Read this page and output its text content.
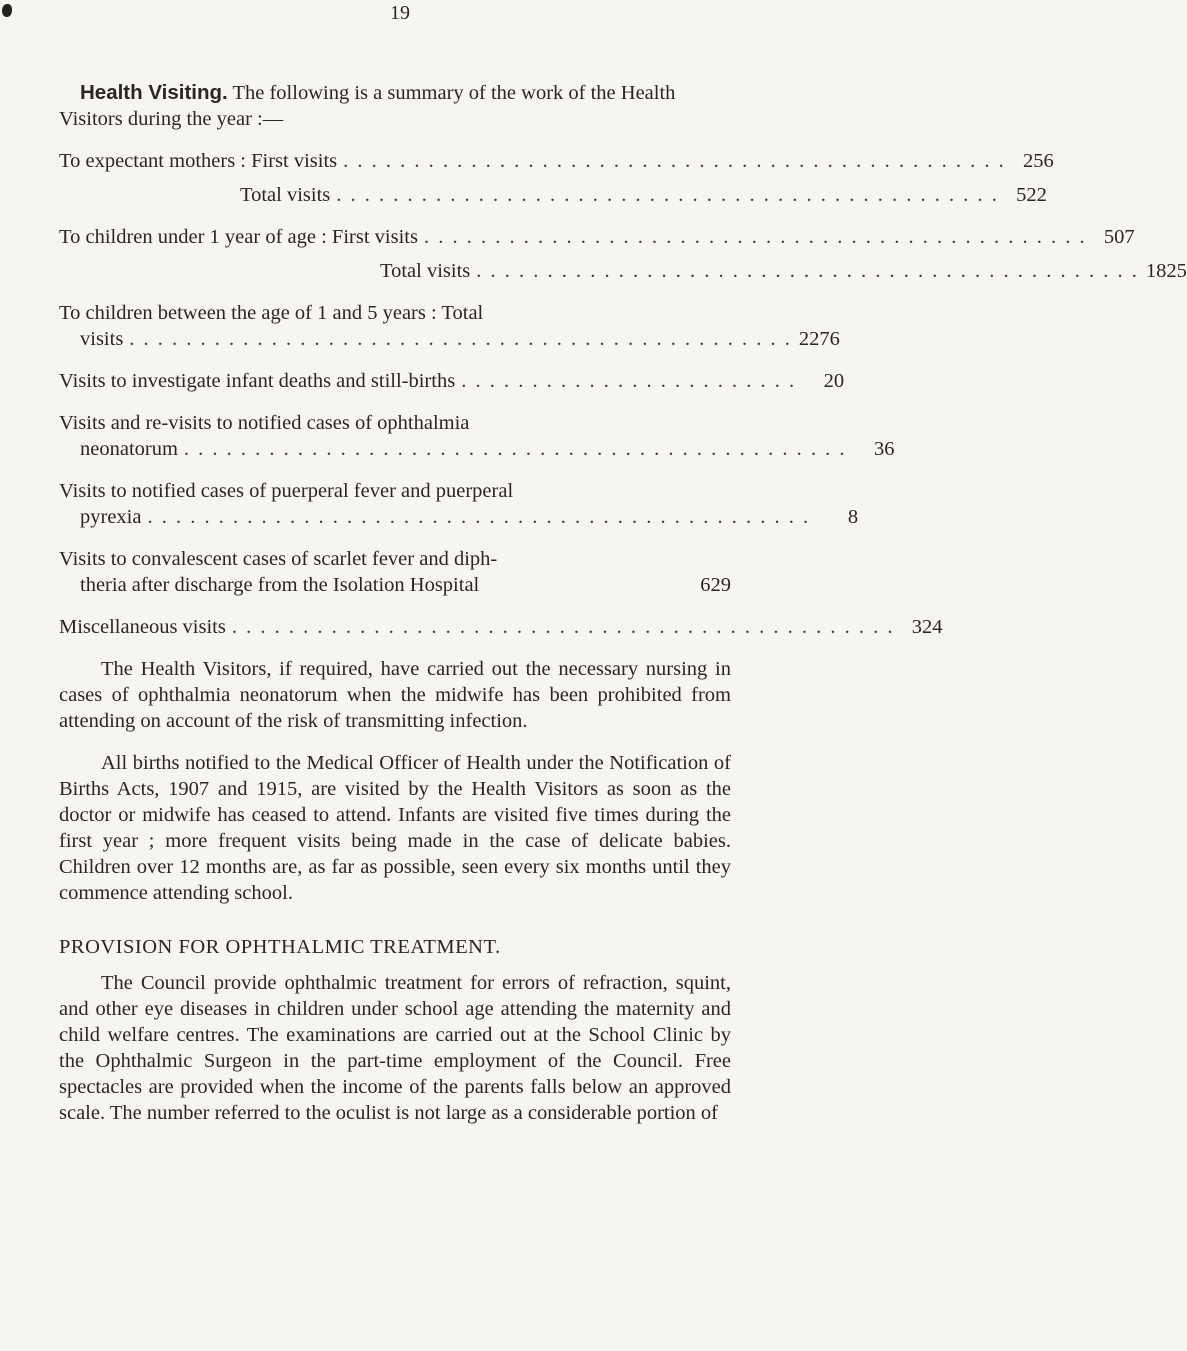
19

Health Visiting. The following is a summary of the work of the Health Visitors during the year :—

To expectant mothers : First visits . . . . . . . . . . . . . . . . . . . . . . . . . . . . . . . . . . . . . . . . . . . . . . . 256
Total visits . . . . . . . . . . . . . . . . . . . . . . . . . . . . . . . . . . . . . . . . . . . . . . . 522
To children under 1 year of age : First visits . . . . . . . . . . . . . . . . . . . . . . . . . . . . . . . . . . . . . . . . . . . . . . . 507
Total visits . . . . . . . . . . . . . . . . . . . . . . . . . . . . . . . . . . . . . . . . . . . . . . . 1825
To children between the age of 1 and 5 years : Total
visits . . . . . . . . . . . . . . . . . . . . . . . . . . . . . . . . . . . . . . . . . . . . . . . 2276
Visits to investigate infant deaths and still-births . . . . . . . . . . . . . . . . . . . . . . . .	20
Visits and re-visits to notified cases of ophthalmia
neonatorum . . . . . . . . . . . . . . . . . . . . . . . . . . . . . . . . . . . . . . . . . . . . . . .	36
Visits to notified cases of puerperal fever and puerperal
pyrexia . . . . . . . . . . . . . . . . . . . . . . . . . . . . . . . . . . . . . . . . . . . . . . .	8
Visits to convalescent cases of scarlet fever and diph-
theria after discharge from the Isolation Hospital	629
Miscellaneous visits . . . . . . . . . . . . . . . . . . . . . . . . . . . . . . . . . . . . . . . . . . . . . . . 324

The Health Visitors, if required, have carried out the necessary nursing in cases of ophthalmia neonatorum when the midwife has been prohibited from attending on account of the risk of transmitting infection.

All births notified to the Medical Officer of Health under the Notification of Births Acts, 1907 and 1915, are visited by the Health Visitors as soon as the doctor or midwife has ceased to attend. Infants are visited five times during the first year ; more frequent visits being made in the case of delicate babies. Children over 12 months are, as far as possible, seen every six months until they commence attending school.

PROVISION FOR OPHTHALMIC TREATMENT.

The Council provide ophthalmic treatment for errors of refraction, squint, and other eye diseases in children under school age attending the maternity and child welfare centres. The examinations are carried out at the School Clinic by the Ophthalmic Surgeon in the part-time employment of the Council. Free spectacles are provided when the income of the parents falls below an approved scale. The number referred to the oculist is not large as a considerable portion of
